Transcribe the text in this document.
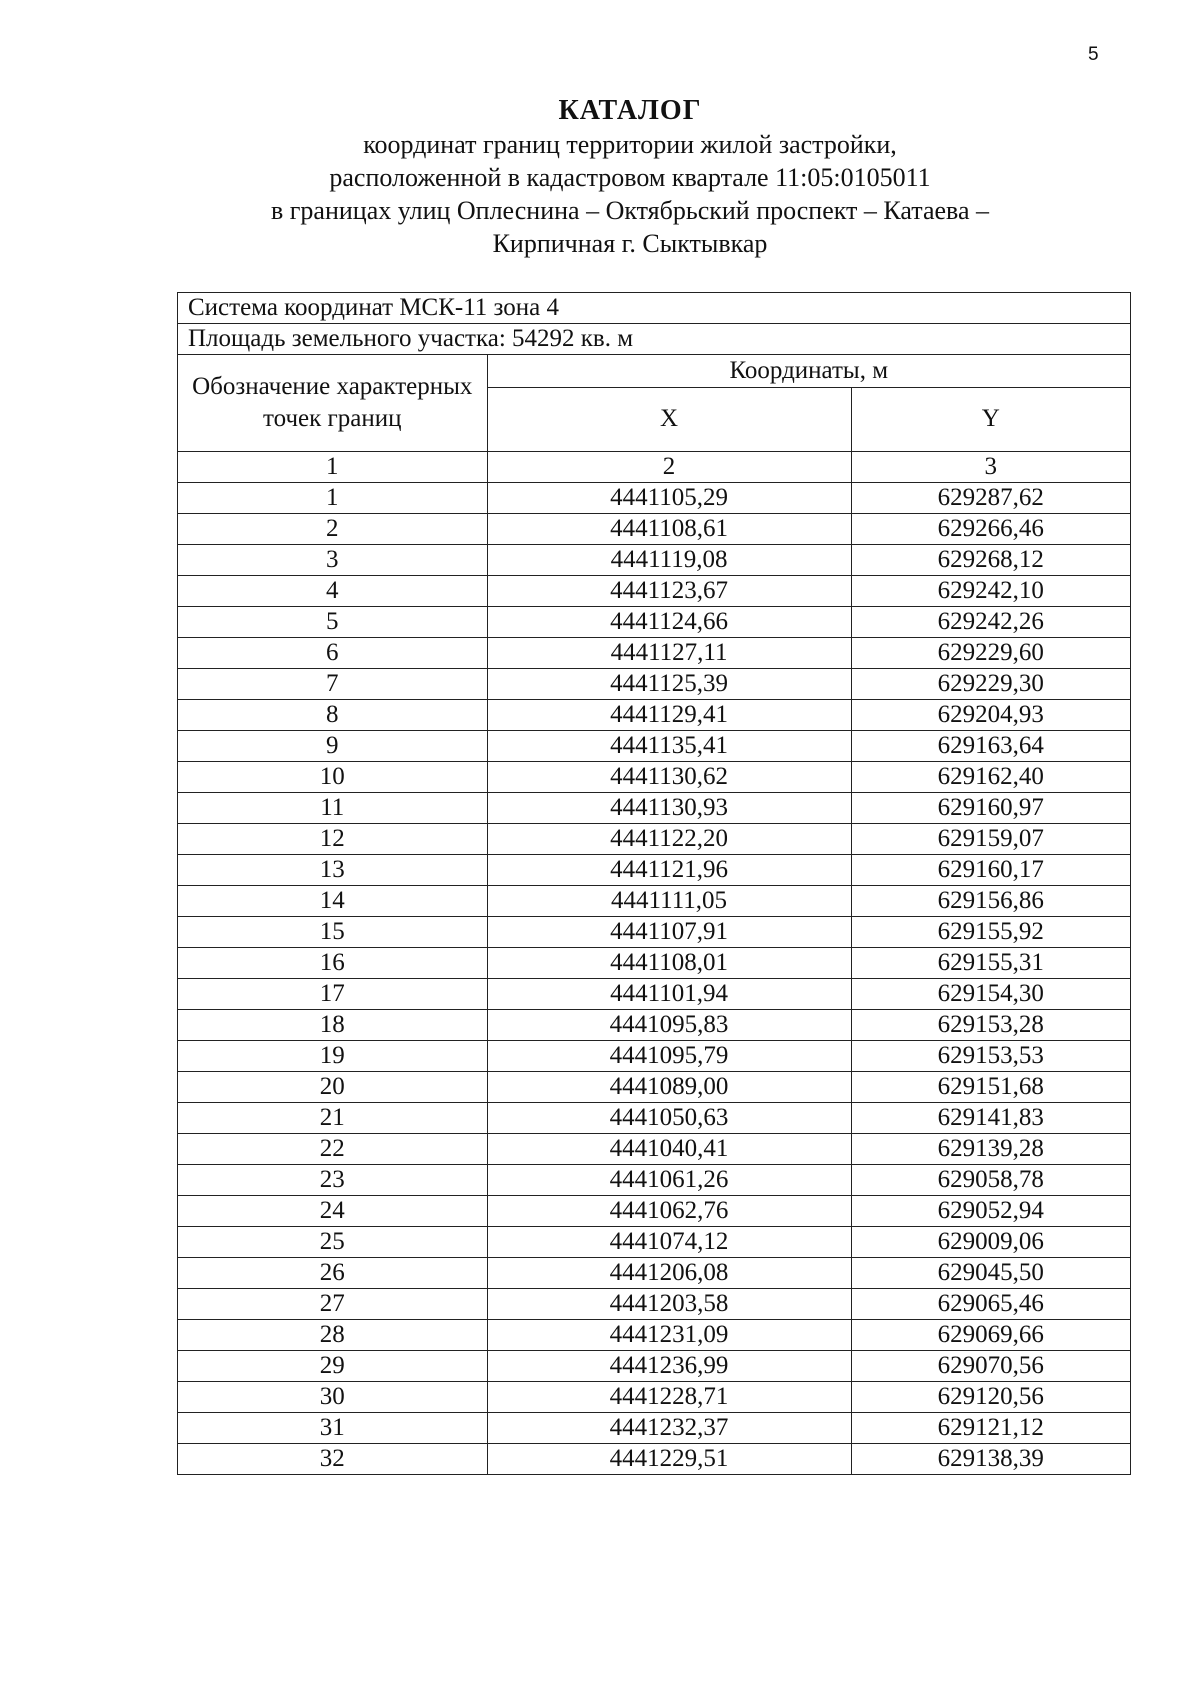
5
КАТАЛОГ
координат границ территории жилой застройки,
расположенной в кадастровом квартале 11:05:0105011
в границах улиц Оплеснина – Октябрьский проспект – Катаева –
Кирпичная г. Сыктывкар
Система координат МСК-11 зона 4		
Площадь земельного участка: 54292 кв. м		
Обозначение характерных точек границ	Координаты, м	
	X	Y
1	2	3
1	4441105,29	629287,62
2	4441108,61	629266,46
3	4441119,08	629268,12
4	4441123,67	629242,10
5	4441124,66	629242,26
6	4441127,11	629229,60
7	4441125,39	629229,30
8	4441129,41	629204,93
9	4441135,41	629163,64
10	4441130,62	629162,40
11	4441130,93	629160,97
12	4441122,20	629159,07
13	4441121,96	629160,17
14	4441111,05	629156,86
15	4441107,91	629155,92
16	4441108,01	629155,31
17	4441101,94	629154,30
18	4441095,83	629153,28
19	4441095,79	629153,53
20	4441089,00	629151,68
21	4441050,63	629141,83
22	4441040,41	629139,28
23	4441061,26	629058,78
24	4441062,76	629052,94
25	4441074,12	629009,06
26	4441206,08	629045,50
27	4441203,58	629065,46
28	4441231,09	629069,66
29	4441236,99	629070,56
30	4441228,71	629120,56
31	4441232,37	629121,12
32	4441229,51	629138,39
